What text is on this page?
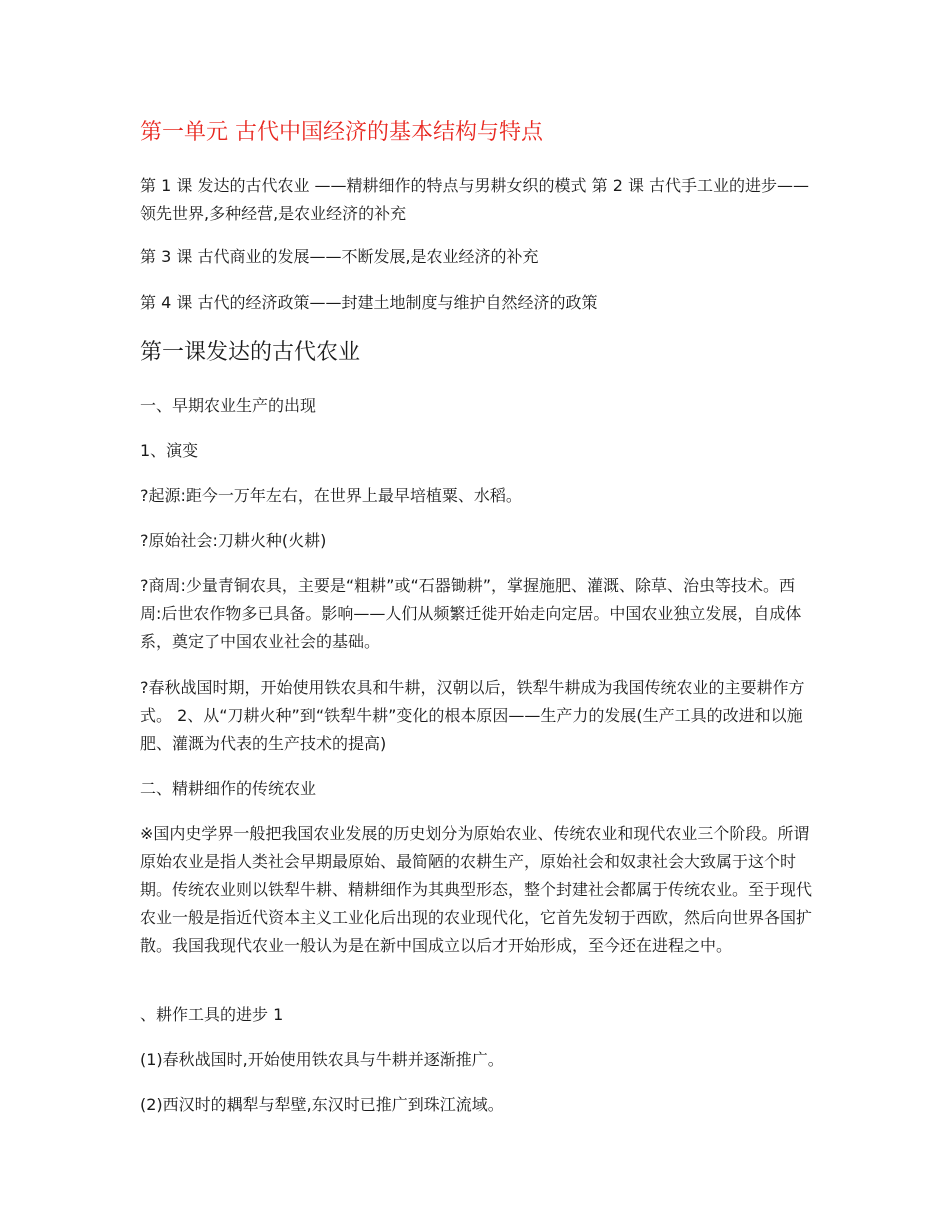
第一单元 古代中国经济的基本结构与特点

第 1 课 发达的古代农业 ——精耕细作的特点与男耕女织的模式 第 2 课 古代手工业的进步——领先世界,多种经营,是农业经济的补充

第 3 课 古代商业的发展——不断发展,是农业经济的补充

第 4 课 古代的经济政策——封建土地制度与维护自然经济的政策

第一课发达的古代农业

一、早期农业生产的出现

1、演变

?起源:距今一万年左右，在世界上最早培植粟、水稻。

?原始社会:刀耕火种(火耕)

?商周:少量青铜农具，主要是“粗耕”或“石器锄耕”，掌握施肥、灌溉、除草、治虫等技术。西周:后世农作物多已具备。影响——人们从频繁迁徙开始走向定居。中国农业独立发展，自成体系，奠定了中国农业社会的基础。

?春秋战国时期，开始使用铁农具和牛耕，汉朝以后，铁犁牛耕成为我国传统农业的主要耕作方式。 2、从“刀耕火种”到“铁犁牛耕”变化的根本原因——生产力的发展(生产工具的改进和以施肥、灌溉为代表的生产技术的提高)

二、精耕细作的传统农业

※国内史学界一般把我国农业发展的历史划分为原始农业、传统农业和现代农业三个阶段。所谓原始农业是指人类社会早期最原始、最简陋的农耕生产，原始社会和奴隶社会大致属于这个时期。传统农业则以铁犁牛耕、精耕细作为其典型形态，整个封建社会都属于传统农业。至于现代农业一般是指近代资本主义工业化后出现的农业现代化，它首先发轫于西欧，然后向世界各国扩散。我国我现代农业一般认为是在新中国成立以后才开始形成，至今还在进程之中。

、耕作工具的进步 1

(1)春秋战国时,开始使用铁农具与牛耕并逐渐推广。

(2)西汉时的耦犁与犁壁,东汉时已推广到珠江流域。
